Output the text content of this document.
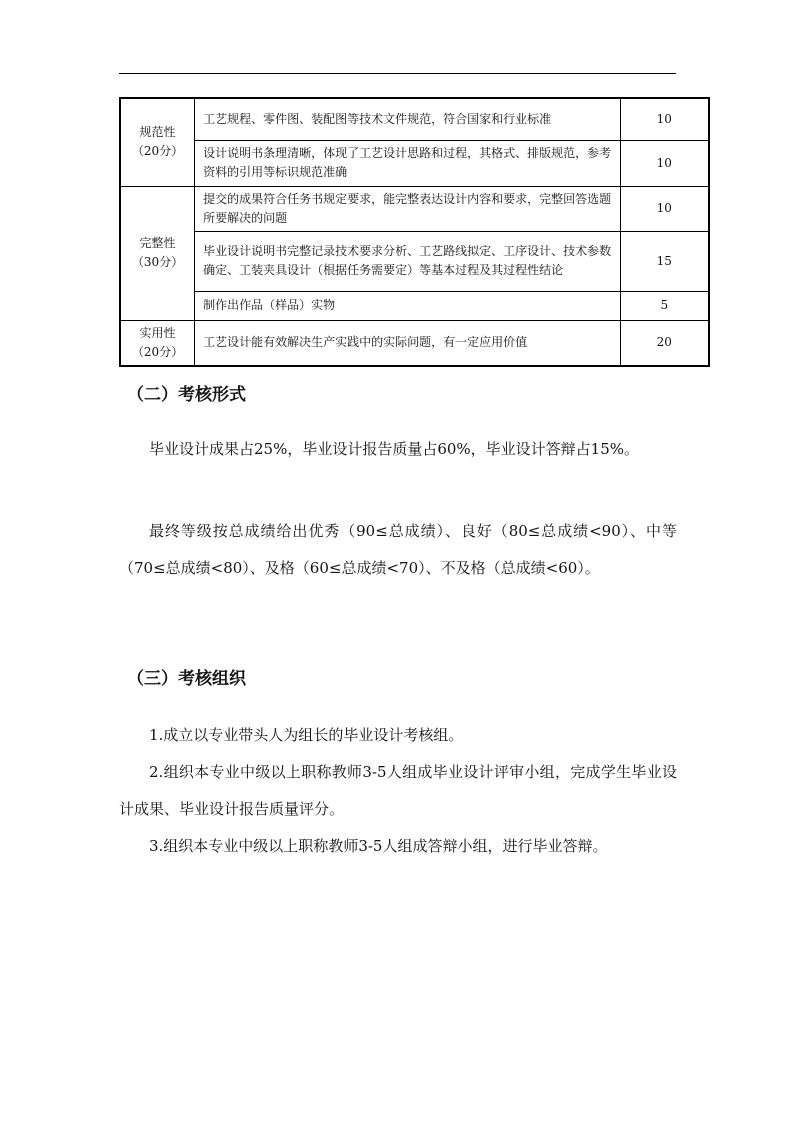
规范性
（20分）	工艺规程、零件图、装配图等技术文件规范，符合国家和行业标准	10
	设计说明书条理清晰，体现了工艺设计思路和过程，其格式、排版规范，参考资料的引用等标识规范准确	10

完整性
（30分）	提交的成果符合任务书规定要求，能完整表达设计内容和要求，完整回答选题所要解决的问题	10
	毕业设计说明书完整记录技术要求分析、工艺路线拟定、工序设计、技术参数确定、工装夹具设计（根据任务需要定）等基本过程及其过程性结论	15
	制作出作品（样品）实物	5

实用性
（20分）	工艺设计能有效解决生产实践中的实际问题，有一定应用价值	20
（二）考核形式

毕业设计成果占25%，毕业设计报告质量占60%，毕业设计答辩占15%。

最终等级按总成绩给出优秀（90≤总成绩）、良好（80≤总成绩<90）、中等（70≤总成绩<80）、及格（60≤总成绩<70）、不及格（总成绩<60）。

（三）考核组织

1.成立以专业带头人为组长的毕业设计考核组。

2.组织本专业中级以上职称教师3-5人组成毕业设计评审小组，完成学生毕业设计成果、毕业设计报告质量评分。

3.组织本专业中级以上职称教师3-5人组成答辩小组，进行毕业答辩。
